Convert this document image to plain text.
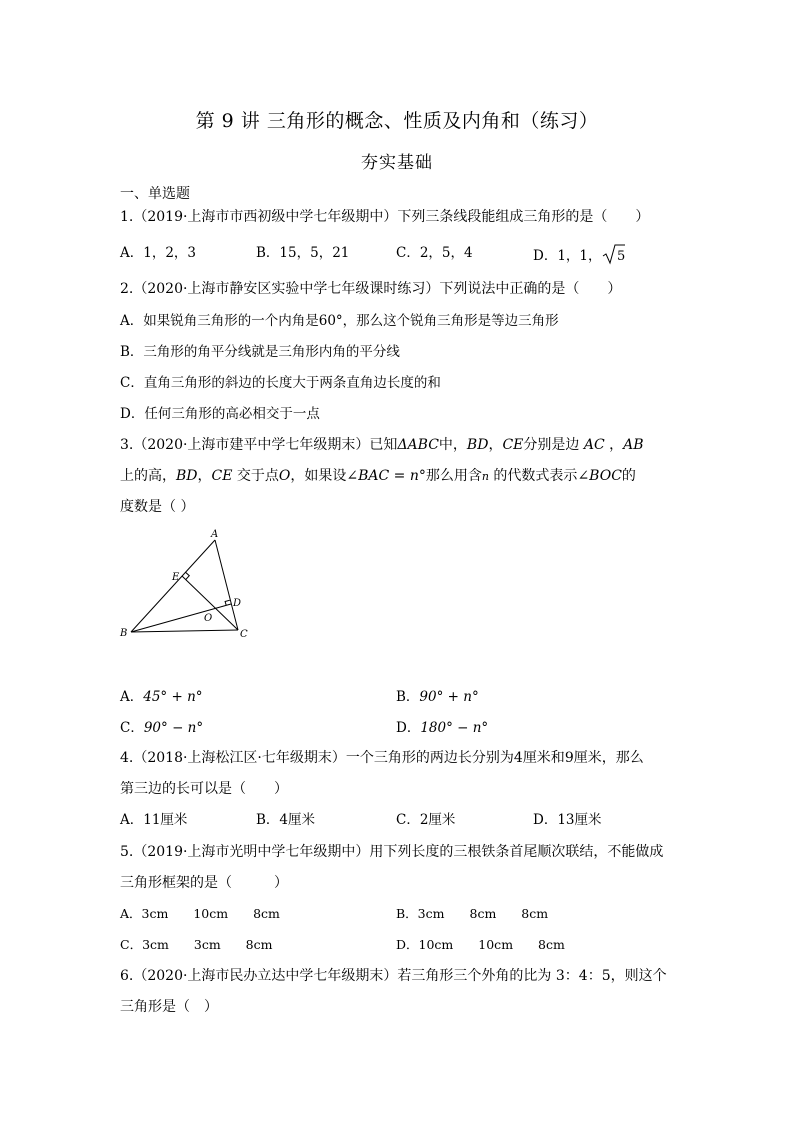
第 9 讲 三角形的概念、性质及内角和（练习）
夯实基础
一、单选题
1.（2019·上海市市西初级中学七年级期中）下列三条线段能组成三角形的是（　　）
A．1，2，3	B．15，5，21	C．2，5，4	D．1，1， 5
2.（2020·上海市静安区实验中学七年级课时练习）下列说法中正确的是（　　）
A．如果锐角三角形的一个内角是60°，那么这个锐角三角形是等边三角形
B．三角形的角平分线就是三角形内角的平分线
C．直角三角形的斜边的长度大于两条直角边长度的和
D．任何三角形的高必相交于一点
3.（2020·上海市建平中学七年级期末）已知ΔABC中，BD，CE分别是边 AC ，AB
上的高，BD，CE 交于点O，如果设∠BAC = n°那么用含n 的代数式表示∠BOC的
度数是（ ）
A
B	C
D
E
O
A．45° + n°	B．90° + n°
C．90° − n°	D．180° − n°
4.（2018·上海松江区·七年级期末）一个三角形的两边长分别为4厘米和9厘米，那么
第三边的长可以是（　　）
A．11厘米	B．4厘米	C．2厘米	D．13厘米
5.（2019·上海市光明中学七年级期中）用下列长度的三根铁条首尾顺次联结，不能做成
三角形框架的是（　　　）
A．3cm　　10cm　　8cm	B．3cm　　8cm　　8cm
C．3cm　　3cm　　8cm	D．10cm　　10cm　　8cm
6.（2020·上海市民办立达中学七年级期末）若三角形三个外角的比为 3：4：5，则这个
三角形是（　）
